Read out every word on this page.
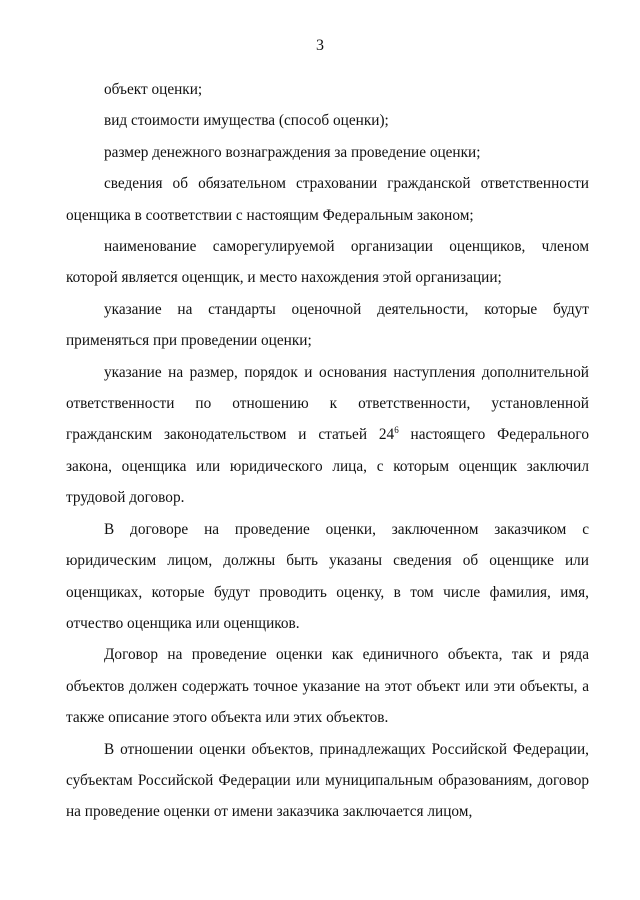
3

объект оценки;

вид стоимости имущества (способ оценки);

размер денежного вознаграждения за проведение оценки;

сведения об обязательном страховании гражданской ответственности оценщика в соответствии с настоящим Федеральным законом;

наименование саморегулируемой организации оценщиков, членом которой является оценщик, и место нахождения этой организации;

указание на стандарты оценочной деятельности, которые будут применяться при проведении оценки;

указание на размер, порядок и основания наступления дополнительной ответственности по отношению к ответственности, установленной гражданским законодательством и статьей $24^6$ настоящего Федерального закона, оценщика или юридического лица, с которым оценщик заключил трудовой договор.

В договоре на проведение оценки, заключенном заказчиком с юридическим лицом, должны быть указаны сведения об оценщике или оценщиках, которые будут проводить оценку, в том числе фамилия, имя, отчество оценщика или оценщиков.

Договор на проведение оценки как единичного объекта, так и ряда объектов должен содержать точное указание на этот объект или эти объекты, а также описание этого объекта или этих объектов.

В отношении оценки объектов, принадлежащих Российской Федерации, субъектам Российской Федерации или муниципальным образованиям, договор на проведение оценки от имени заказчика заключается лицом,
